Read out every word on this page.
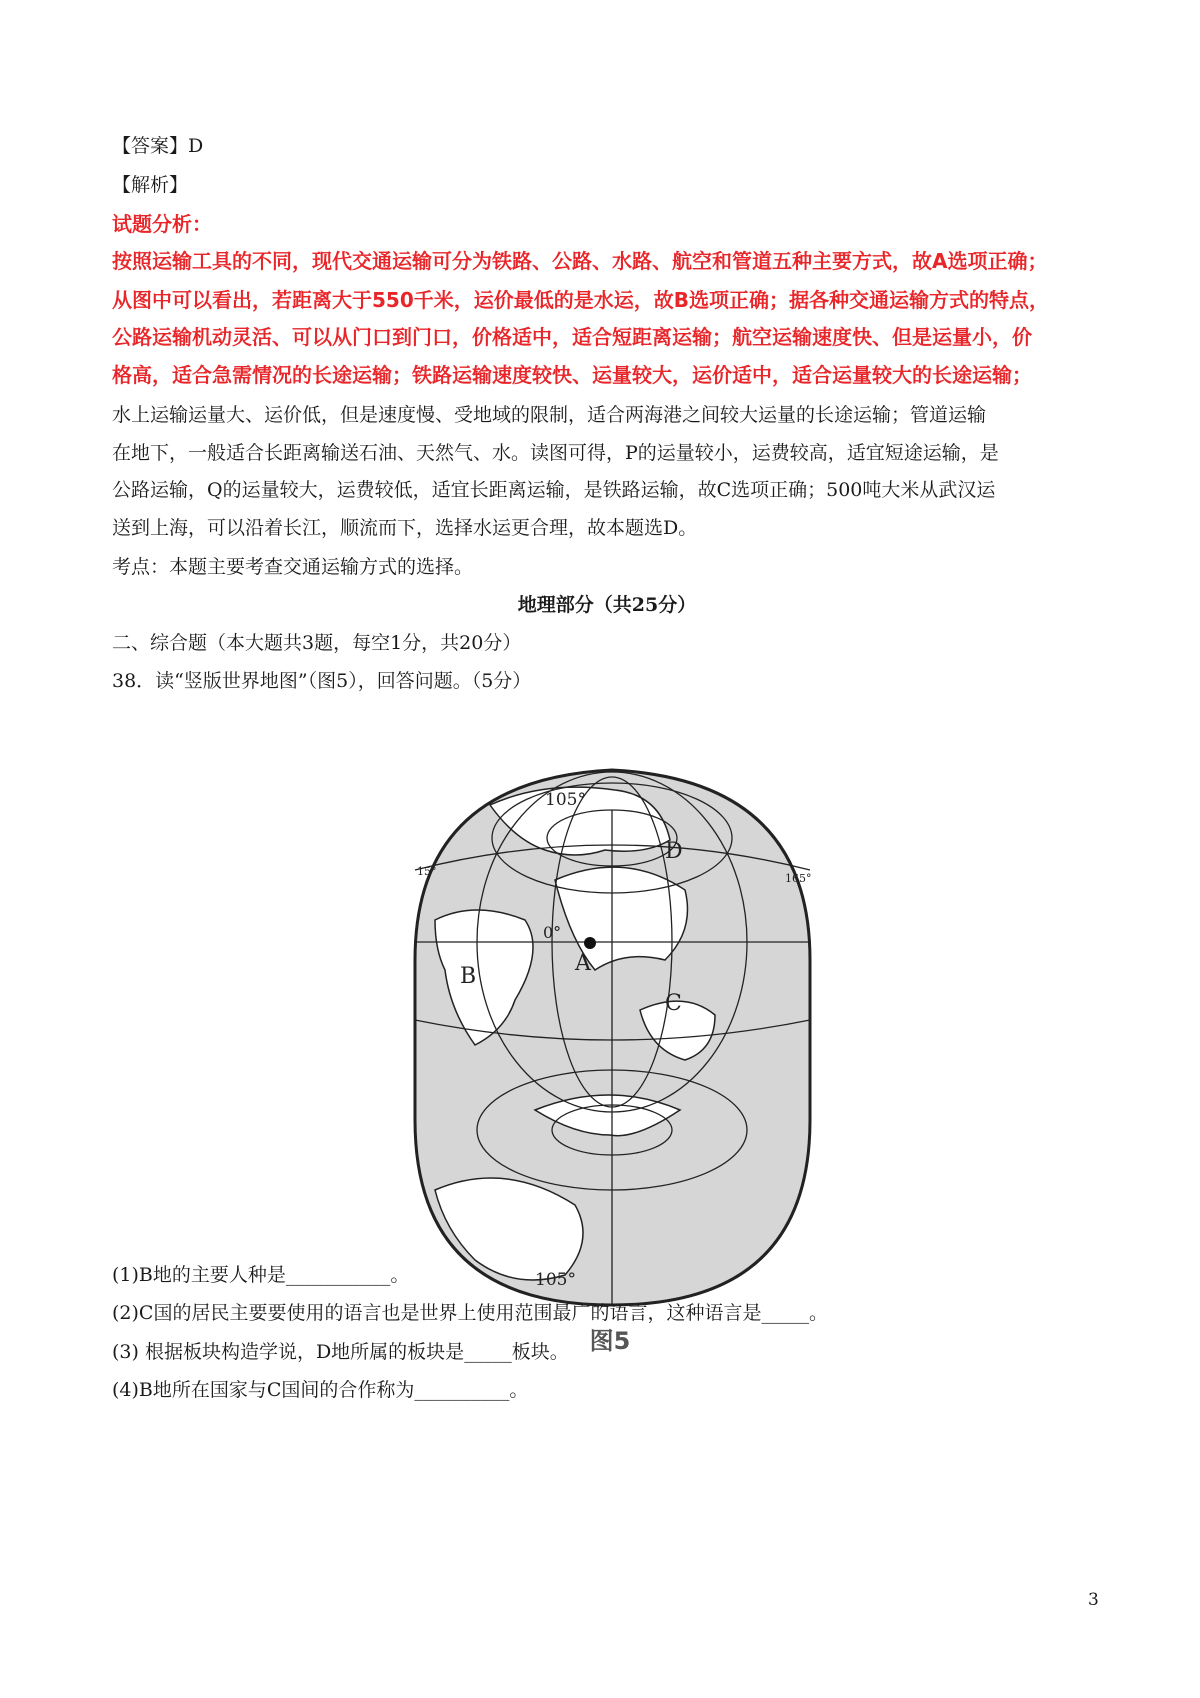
【答案】D
【解析】
试题分析：
按照运输工具的不同，现代交通运输可分为铁路、公路、水路、航空和管道五种主要方式，故A选项正确；
从图中可以看出，若距离大于550千米，运价最低的是水运，故B选项正确；据各种交通运输方式的特点，
公路运输机动灵活、可以从门口到门口，价格适中，适合短距离运输；航空运输速度快、但是运量小，价
格高，适合急需情况的长途运输；铁路运输速度较快、运量较大，运价适中，适合运量较大的长途运输；
水上运输运量大、运价低，但是速度慢、受地域的限制，适合两海港之间较大运量的长途运输；管道运输
在地下，一般适合长距离输送石油、天然气、水。读图可得，P的运量较小，运费较高，适宜短途运输，是
公路运输，Q的运量较大，运费较低，适宜长距离运输，是铁路运输，故C选项正确；500吨大米从武汉运
送到上海，可以沿着长江，顺流而下，选择水运更合理，故本题选D。
考点：本题主要考查交通运输方式的选择。
地理部分（共25分）
二、综合题（本大题共3题，每空1分，共20分）
38．读“竖版世界地图”（图5），回答问题。（5分）
105°
105°
0°
15°
165°
A
B
C
D
图5
(1)B地的主要人种是___________。
(2)C国的居民主要要使用的语言也是世界上使用范围最广的语言，这种语言是_____。
(3) 根据板块构造学说，D地所属的板块是_____板块。
(4)B地所在国家与C国间的合作称为__________。
3
